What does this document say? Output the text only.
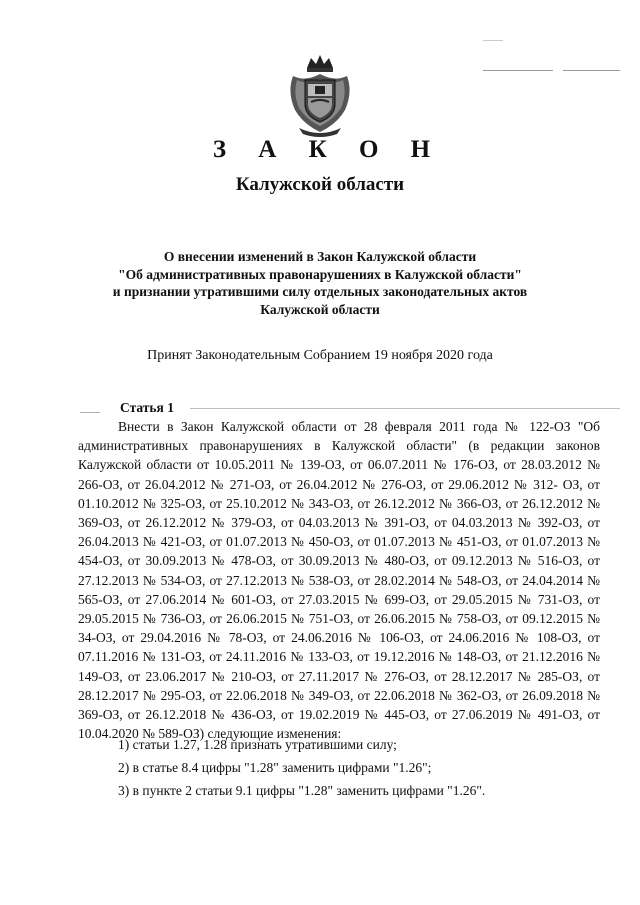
З А К О Н
Калужской области
О внесении изменений в Закон Калужской области
"Об административных правонарушениях в Калужской области"
и признании утратившими силу отдельных законодательных актов
Калужской области
Принят Законодательным Собранием 19 ноября 2020 года
Статья 1

Внести в Закон Калужской области от 28 февраля 2011 года № 122-ОЗ "Об административных правонарушениях в Калужской области" (в редакции законов Калужской области от 10.05.2011 № 139-ОЗ, от 06.07.2011 № 176-ОЗ, от 28.03.2012 № 266-ОЗ, от 26.04.2012 № 271-ОЗ, от 26.04.2012 № 276-ОЗ, от 29.06.2012 № 312- ОЗ, от 01.10.2012 № 325-ОЗ, от 25.10.2012 № 343-ОЗ, от 26.12.2012 № 366-ОЗ, от 26.12.2012 № 369-ОЗ, от 26.12.2012 № 379-ОЗ, от 04.03.2013 № 391-ОЗ, от 04.03.2013 № 392-ОЗ, от 26.04.2013 № 421-ОЗ, от 01.07.2013 № 450-ОЗ, от 01.07.2013 № 451-ОЗ, от 01.07.2013 № 454-ОЗ, от 30.09.2013 № 478-ОЗ, от 30.09.2013 № 480-ОЗ, от 09.12.2013 № 516-ОЗ, от 27.12.2013 № 534-ОЗ, от 27.12.2013 № 538-ОЗ, от 28.02.2014 № 548-ОЗ, от 24.04.2014 № 565-ОЗ, от 27.06.2014 № 601-ОЗ, от 27.03.2015 № 699-ОЗ, от 29.05.2015 № 731-ОЗ, от 29.05.2015 № 736-ОЗ, от 26.06.2015 № 751-ОЗ, от 26.06.2015 № 758-ОЗ, от 09.12.2015 № 34-ОЗ, от 29.04.2016 № 78-ОЗ, от 24.06.2016 № 106-ОЗ, от 24.06.2016 № 108-ОЗ, от 07.11.2016 № 131-ОЗ, от 24.11.2016 № 133-ОЗ, от 19.12.2016 № 148-ОЗ, от 21.12.2016 № 149-ОЗ, от 23.06.2017 № 210-ОЗ, от 27.11.2017 № 276-ОЗ, от 28.12.2017 № 285-ОЗ, от 28.12.2017 № 295-ОЗ, от 22.06.2018 № 349-ОЗ, от 22.06.2018 № 362-ОЗ, от 26.09.2018 № 369-ОЗ, от 26.12.2018 № 436-ОЗ, от 19.02.2019 № 445-ОЗ, от 27.06.2019 № 491-ОЗ, от 10.04.2020 № 589-ОЗ) следующие изменения:

1) статьи 1.27, 1.28 признать утратившими силу;
2) в статье 8.4 цифры "1.28" заменить цифрами "1.26";
3) в пункте 2 статьи 9.1 цифры "1.28" заменить цифрами "1.26".
